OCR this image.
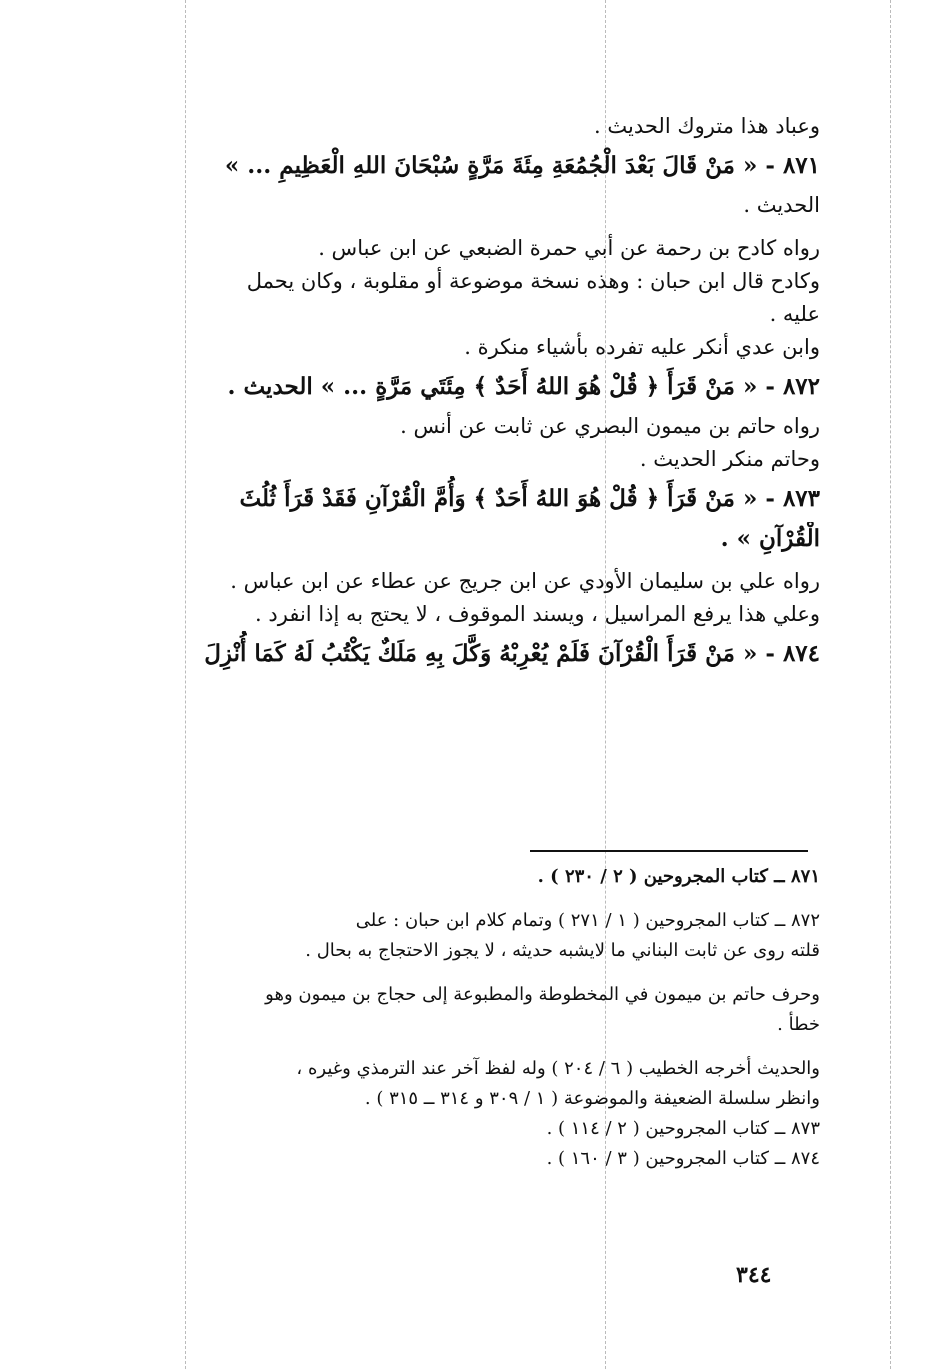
وعباد هذا متروك الحديث .
٨٧١ - « مَنْ قَالَ بَعْدَ الْجُمُعَةِ مِئَةَ مَرَّةٍ سُبْحَانَ اللهِ الْعَظِيمِ ... »
الحديث .
رواه كادح بن رحمة عن أبي حمرة الضبعي عن ابن عباس .
وكادح قال ابن حبان : وهذه نسخة موضوعة أو مقلوبة ، وكان يحمل
عليه .
وابن عدي أنكر عليه تفرده بأشياء منكرة .
٨٧٢ - « مَنْ قَرَأَ ﴿ قُلْ هُوَ اللهُ أَحَدٌ ﴾ مِئَتَي مَرَّةٍ ... » الحديث .
رواه حاتم بن ميمون البصري عن ثابت عن أنس .
وحاتم منكر الحديث .
٨٧٣ - « مَنْ قَرَأَ ﴿ قُلْ هُوَ اللهُ أَحَدٌ ﴾ وَأُمَّ الْقُرْآنِ فَقَدْ قَرَأَ ثُلُثَ
الْقُرْآنِ » .
رواه علي بن سليمان الأودي عن ابن جريج عن عطاء عن ابن عباس .
وعلي هذا يرفع المراسيل ، ويسند الموقوف ، لا يحتج به إذا انفرد .
٨٧٤ - « مَنْ قَرَأَ الْقُرْآنَ فَلَمْ يُعْرِبْهُ وَكَّلَ بِهِ مَلَكٌ يَكْتُبُ لَهُ كَمَا أُنْزِلَ
٨٧١ ــ كتاب المجروحين ( ٢ / ٢٣٠ ) .
٨٧٢ ــ كتاب المجروحين ( ١ / ٢٧١ ) وتمام كلام ابن حبان : على
قلته روى عن ثابت البناني ما لايشبه حديثه ، لا يجوز الاحتجاج به بحال .
وحرف حاتم بن ميمون في المخطوطة والمطبوعة إلى حجاج بن ميمون وهو
خطأ .
والحديث أخرجه الخطيب ( ٦ / ٢٠٤ ) وله لفظ آخر عند الترمذي وغيره ،
وانظر سلسلة الضعيفة والموضوعة ( ١ / ٣٠٩ و ٣١٤ ــ ٣١٥ ) .
٨٧٣ ــ كتاب المجروحين ( ٢ / ١١٤ ) .
٨٧٤ ــ كتاب المجروحين ( ٣ / ١٦٠ ) .
٣٤٤
